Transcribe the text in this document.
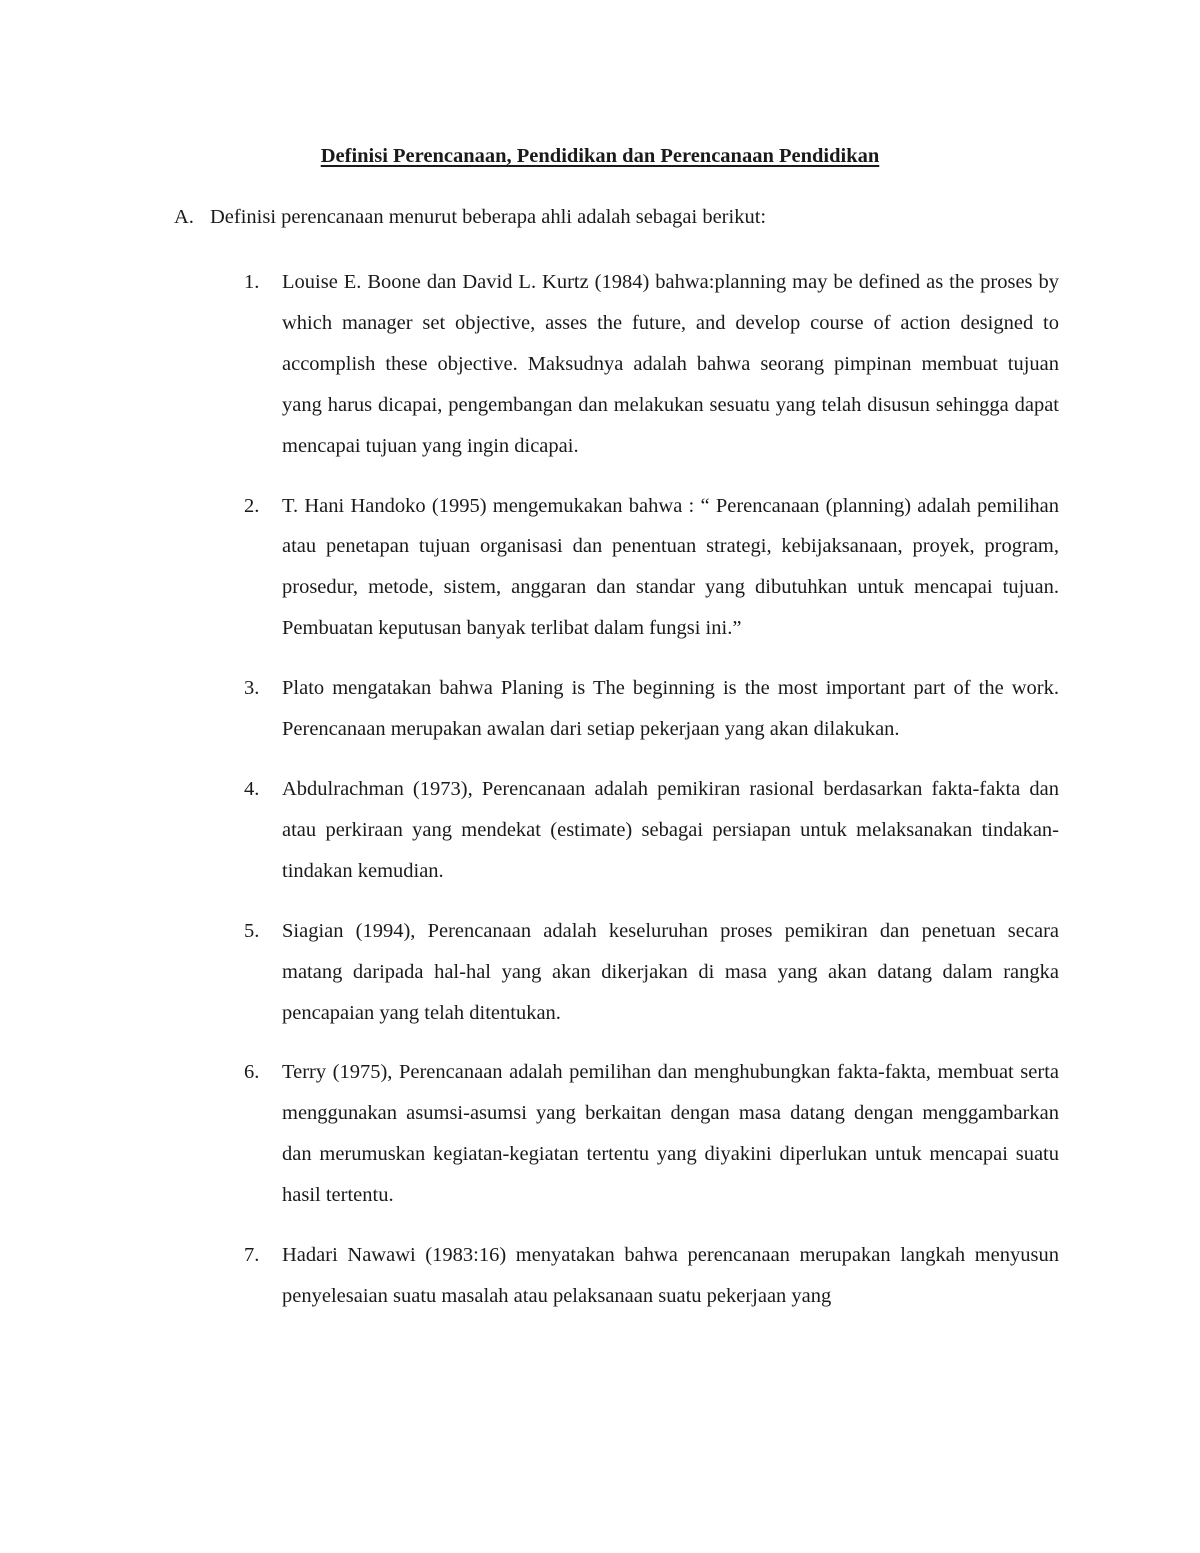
Definisi Perencanaan, Pendidikan dan Perencanaan Pendidikan
A. Definisi perencanaan menurut beberapa ahli adalah sebagai berikut:
1. Louise E. Boone dan David L. Kurtz (1984) bahwa:planning may be defined as the proses by which manager set objective, asses the future, and develop course of action designed to accomplish these objective. Maksudnya adalah bahwa seorang pimpinan membuat tujuan yang harus dicapai, pengembangan dan melakukan sesuatu yang telah disusun sehingga dapat mencapai tujuan yang ingin dicapai.
2. T. Hani Handoko (1995) mengemukakan bahwa : “ Perencanaan (planning) adalah pemilihan atau penetapan tujuan organisasi dan penentuan strategi, kebijaksanaan, proyek, program, prosedur, metode, sistem, anggaran dan standar yang dibutuhkan untuk mencapai tujuan. Pembuatan keputusan banyak terlibat dalam fungsi ini.”
3. Plato mengatakan bahwa Planing is The beginning is the most important part of the work. Perencanaan merupakan awalan dari setiap pekerjaan yang akan dilakukan.
4. Abdulrachman (1973), Perencanaan adalah pemikiran rasional berdasarkan fakta-fakta dan atau perkiraan yang mendekat (estimate) sebagai persiapan untuk melaksanakan tindakan-tindakan kemudian.
5. Siagian (1994), Perencanaan adalah keseluruhan proses pemikiran dan penetuan secara matang daripada hal-hal yang akan dikerjakan di masa yang akan datang dalam rangka pencapaian yang telah ditentukan.
6. Terry (1975), Perencanaan adalah pemilihan dan menghubungkan fakta-fakta, membuat serta menggunakan asumsi-asumsi yang berkaitan dengan masa datang dengan menggambarkan dan merumuskan kegiatan-kegiatan tertentu yang diyakini diperlukan untuk mencapai suatu hasil tertentu.
7. Hadari Nawawi (1983:16) menyatakan bahwa perencanaan merupakan langkah menyusun penyelesaian suatu masalah atau pelaksanaan suatu pekerjaan yang
